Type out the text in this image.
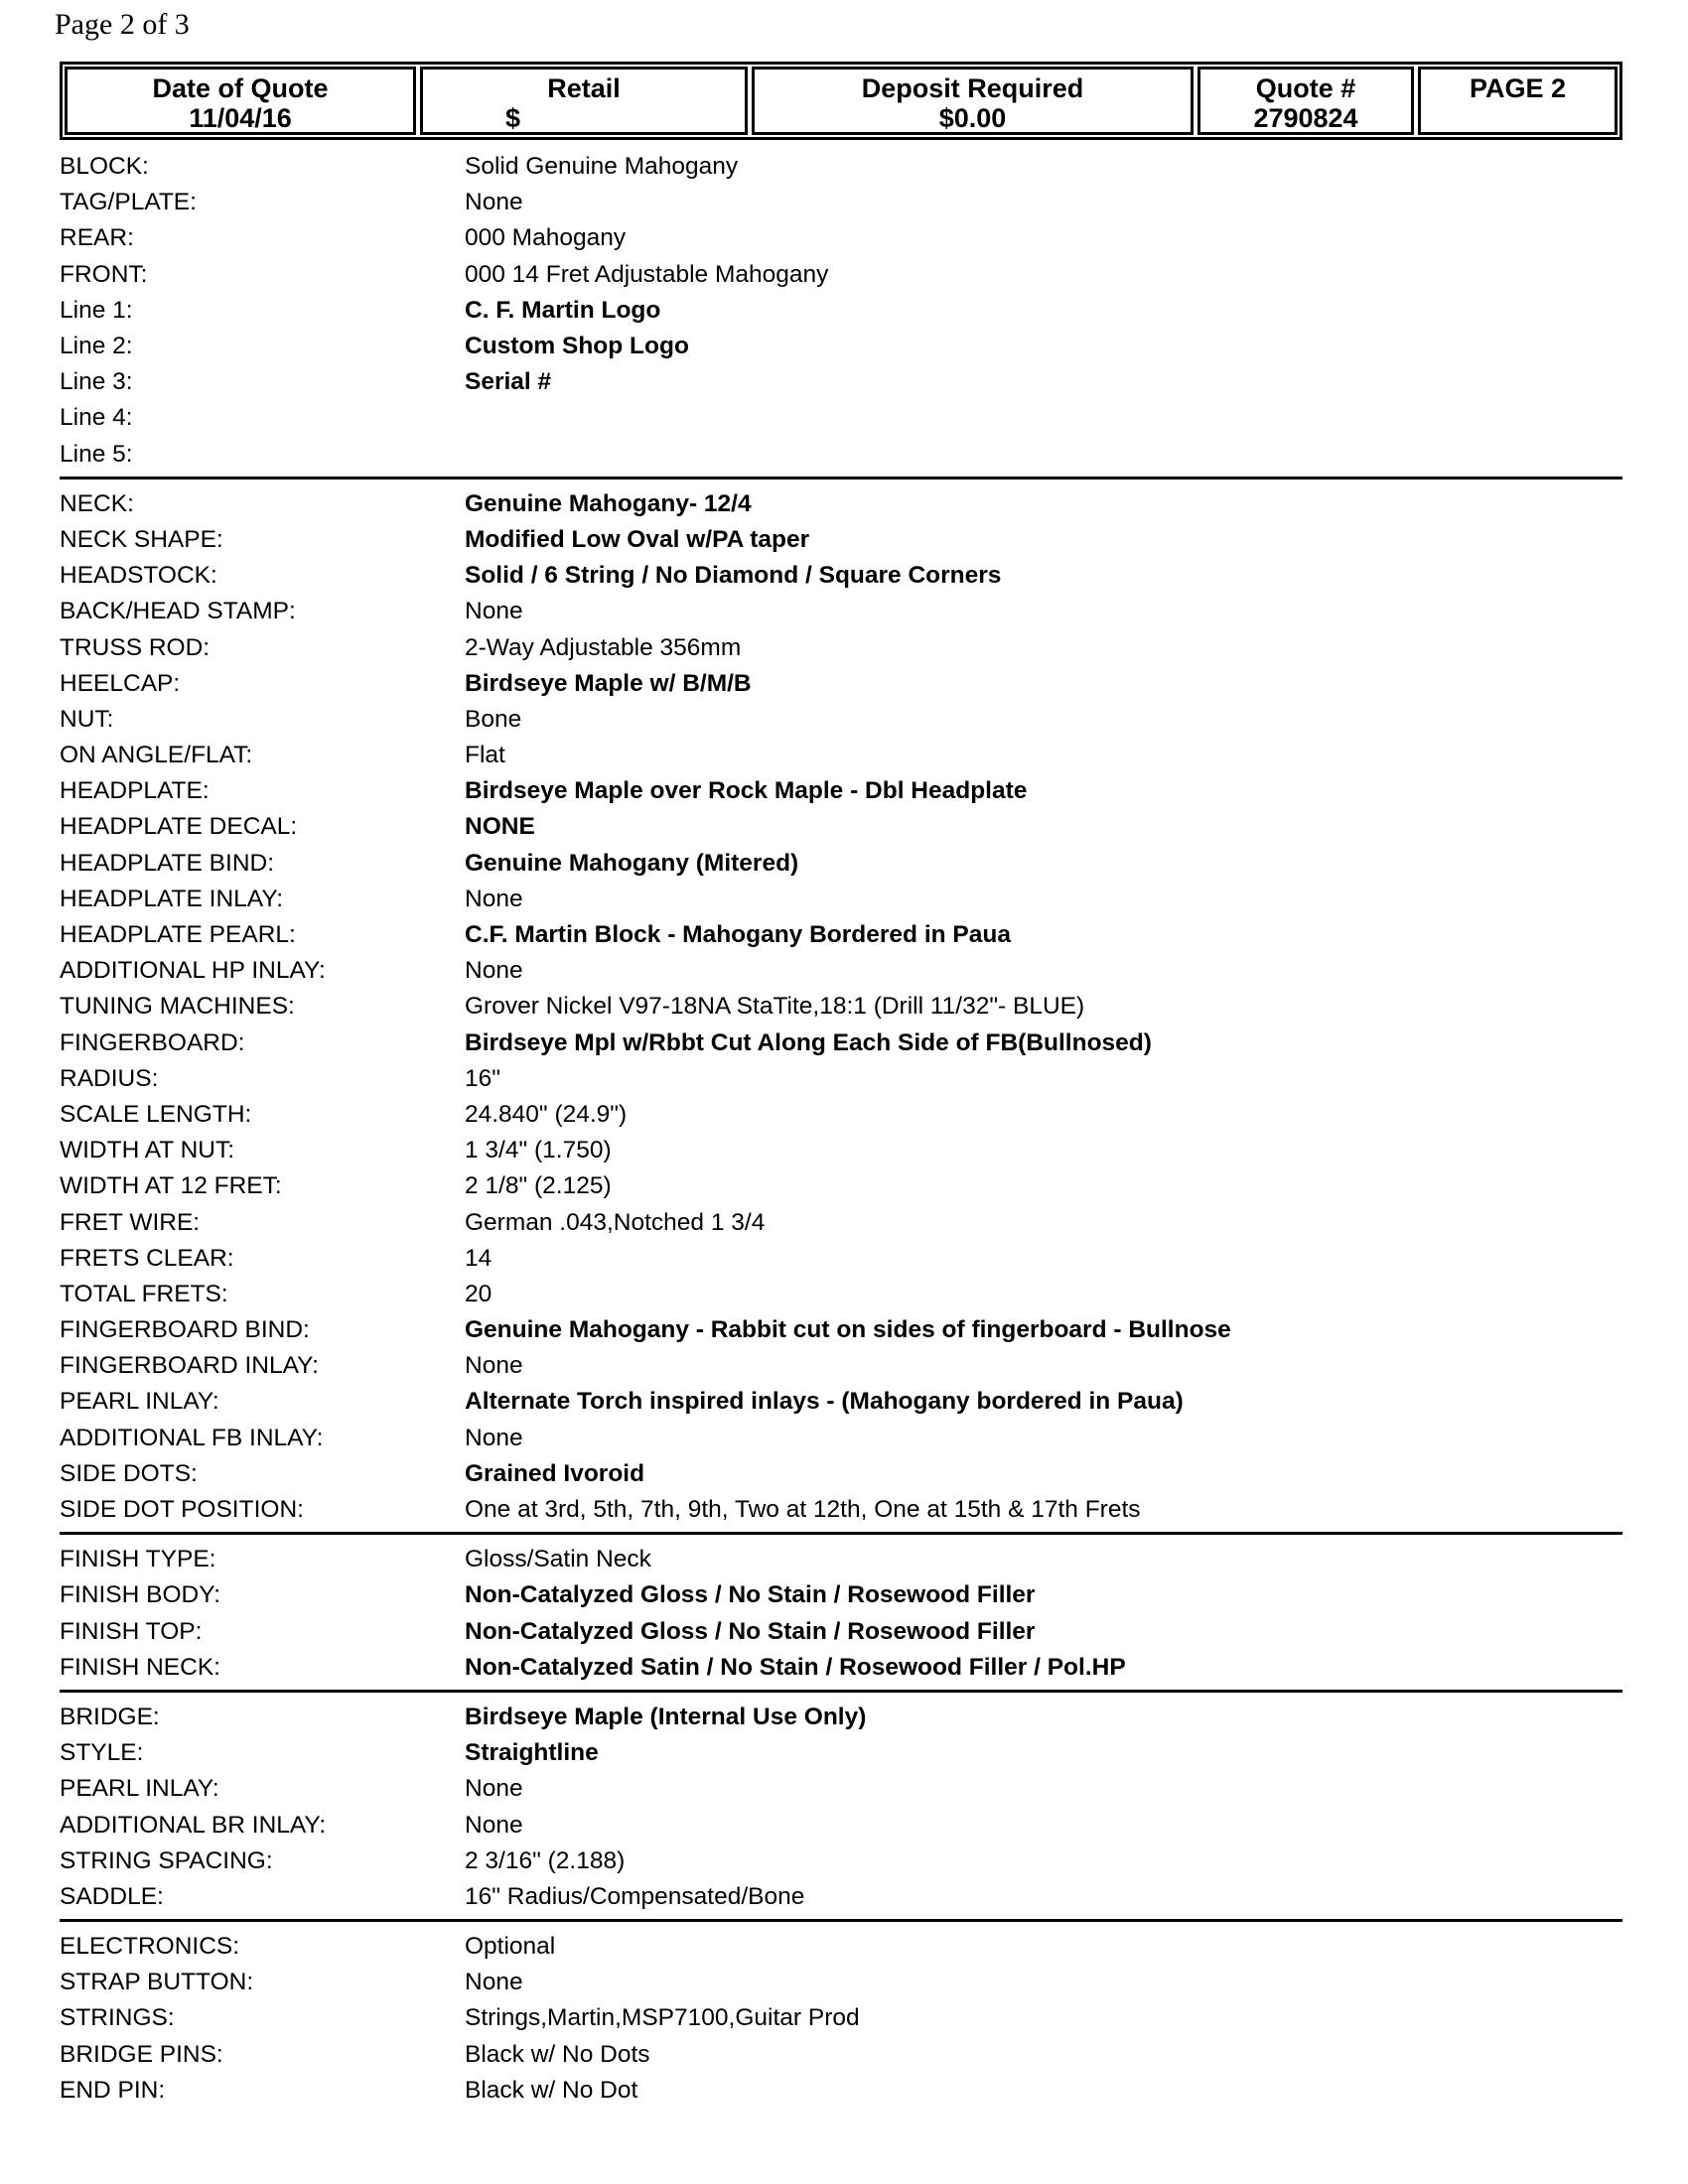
Page 2 of 3
Date of Quote
11/04/16
Retail
$
Deposit Required
$0.00
Quote #
2790824
PAGE 2
BLOCK:	Solid Genuine Mahogany
TAG/PLATE:	None
REAR:	000 Mahogany
FRONT:	000 14 Fret Adjustable Mahogany
Line 1:	C. F. Martin Logo
Line 2:	Custom Shop Logo
Line 3:	Serial #
Line 4:
Line 5:
NECK:	Genuine Mahogany- 12/4
NECK SHAPE:	Modified Low Oval w/PA taper
HEADSTOCK:	Solid / 6 String / No Diamond / Square Corners
BACK/HEAD STAMP:	None
TRUSS ROD:	2-Way Adjustable 356mm
HEELCAP:	Birdseye Maple w/ B/M/B
NUT:	Bone
ON ANGLE/FLAT:	Flat
HEADPLATE:	Birdseye Maple over Rock Maple - Dbl Headplate
HEADPLATE DECAL:	NONE
HEADPLATE BIND:	Genuine Mahogany (Mitered)
HEADPLATE INLAY:	None
HEADPLATE PEARL:	C.F. Martin Block - Mahogany Bordered in Paua
ADDITIONAL HP INLAY:	None
TUNING MACHINES:	Grover Nickel V97-18NA StaTite,18:1 (Drill 11/32"- BLUE)
FINGERBOARD:	Birdseye Mpl w/Rbbt Cut Along Each Side of FB(Bullnosed)
RADIUS:	16"
SCALE LENGTH:	24.840" (24.9")
WIDTH AT NUT:	1 3/4" (1.750)
WIDTH AT 12 FRET:	2 1/8" (2.125)
FRET WIRE:	German .043,Notched 1 3/4
FRETS CLEAR:	14
TOTAL FRETS:	20
FINGERBOARD BIND:	Genuine Mahogany - Rabbit cut on sides of fingerboard - Bullnose
FINGERBOARD INLAY:	None
PEARL INLAY:	Alternate Torch inspired inlays - (Mahogany bordered in Paua)
ADDITIONAL FB INLAY:	None
SIDE DOTS:	Grained Ivoroid
SIDE DOT POSITION:	One at 3rd, 5th, 7th, 9th, Two at 12th, One at 15th & 17th Frets
FINISH TYPE:	Gloss/Satin Neck
FINISH BODY:	Non-Catalyzed Gloss / No Stain / Rosewood Filler
FINISH TOP:	Non-Catalyzed Gloss / No Stain / Rosewood Filler
FINISH NECK:	Non-Catalyzed Satin / No Stain / Rosewood Filler / Pol.HP
BRIDGE:	Birdseye Maple (Internal Use Only)
STYLE:	Straightline
PEARL INLAY:	None
ADDITIONAL BR INLAY:	None
STRING SPACING:	2 3/16" (2.188)
SADDLE:	16" Radius/Compensated/Bone
ELECTRONICS:	Optional
STRAP BUTTON:	None
STRINGS:	Strings,Martin,MSP7100,Guitar Prod
BRIDGE PINS:	Black w/ No Dots
END PIN:	Black w/ No Dot
